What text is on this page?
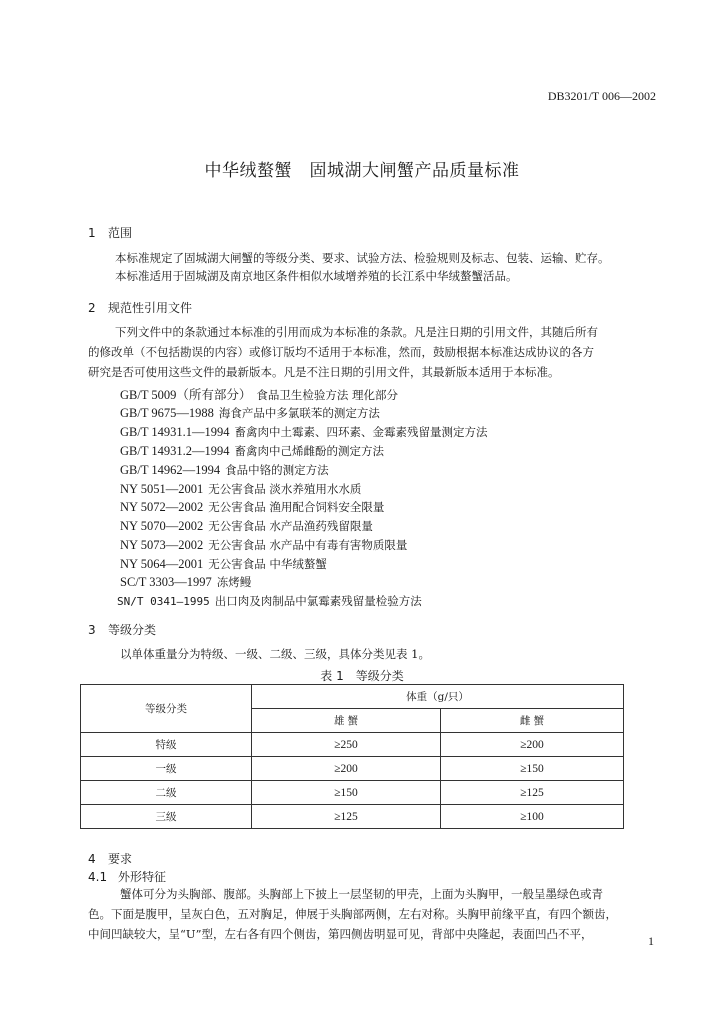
DB3201/T 006—2002
中华绒螯蟹　固城湖大闸蟹产品质量标准
1 范围
本标准规定了固城湖大闸蟹的等级分类、要求、试验方法、检验规则及标志、包装、运输、贮存。
本标准适用于固城湖及南京地区条件相似水域增养殖的长江系中华绒螯蟹活品。
2 规范性引用文件
下列文件中的条款通过本标准的引用而成为本标准的条款。凡是注日期的引用文件，其随后所有
的修改单（不包括勘误的内容）或修订版均不适用于本标准，然而，鼓励根据本标准达成协议的各方
研究是否可使用这些文件的最新版本。凡是不注日期的引用文件，其最新版本适用于本标准。
GB/T 5009（所有部分） 食品卫生检验方法 理化部分
GB/T 9675—1988 海食产品中多氯联苯的测定方法
GB/T 14931.1—1994 畜禽肉中土霉素、四环素、金霉素残留量测定方法
GB/T 14931.2—1994 畜禽肉中己烯雌酚的测定方法
GB/T 14962—1994 食品中铬的测定方法
NY 5051—2001 无公害食品 淡水养殖用水水质
NY 5072—2002 无公害食品 渔用配合饲料安全限量
NY 5070—2002 无公害食品 水产品渔药残留限量
NY 5073—2002 无公害食品 水产品中有毒有害物质限量
NY 5064—2001 无公害食品 中华绒螯蟹
SC/T 3303—1997 冻烤鳗
SN/T 0341—1995 出口肉及肉制品中氯霉素残留量检验方法
3 等级分类
以单体重量分为特级、一级、二级、三级，具体分类见表 1。
表 1　等级分类
等级分类	体重（g/只）	
	雄 蟹	雌 蟹
特级	≥250	≥200
一级	≥200	≥150
二级	≥150	≥125
三级	≥125	≥100
4 要求
4.1 外形特征
蟹体可分为头胸部、腹部。头胸部上下披上一层坚韧的甲壳，上面为头胸甲，一般呈墨绿色或青
色。下面是腹甲，呈灰白色，五对胸足，伸展于头胸部两侧，左右对称。头胸甲前缘平直，有四个额齿，
中间凹缺较大，呈“U”型，左右各有四个侧齿，第四侧齿明显可见，背部中央隆起，表面凹凸不平，	1
